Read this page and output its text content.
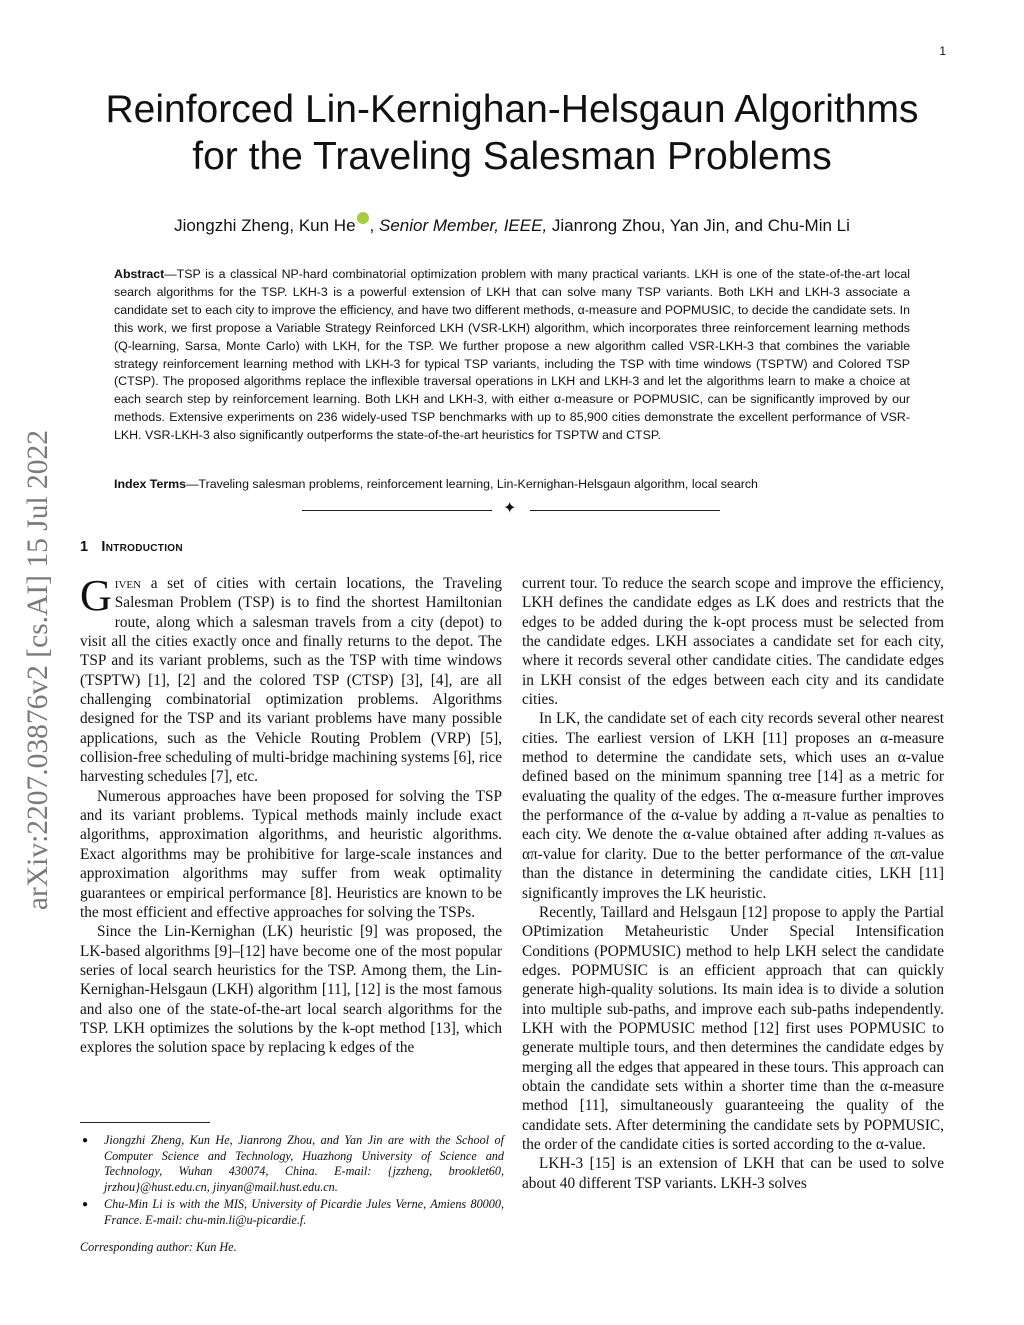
1
Reinforced Lin-Kernighan-Helsgaun Algorithms
for the Traveling Salesman Problems
Jiongzhi Zheng, Kun He , Senior Member, IEEE, Jianrong Zhou, Yan Jin, and Chu-Min Li
Abstract—TSP is a classical NP-hard combinatorial optimization problem with many practical variants. LKH is one of the state-of-the-art local search algorithms for the TSP. LKH-3 is a powerful extension of LKH that can solve many TSP variants. Both LKH and LKH-3 associate a candidate set to each city to improve the efficiency, and have two different methods, α-measure and POPMUSIC, to decide the candidate sets. In this work, we first propose a Variable Strategy Reinforced LKH (VSR-LKH) algorithm, which incorporates three reinforcement learning methods (Q-learning, Sarsa, Monte Carlo) with LKH, for the TSP. We further propose a new algorithm called VSR-LKH-3 that combines the variable strategy reinforcement learning method with LKH-3 for typical TSP variants, including the TSP with time windows (TSPTW) and Colored TSP (CTSP). The proposed algorithms replace the inflexible traversal operations in LKH and LKH-3 and let the algorithms learn to make a choice at each search step by reinforcement learning. Both LKH and LKH-3, with either α-measure or POPMUSIC, can be significantly improved by our methods. Extensive experiments on 236 widely-used TSP benchmarks with up to 85,900 cities demonstrate the excellent performance of VSR-LKH. VSR-LKH-3 also significantly outperforms the state-of-the-art heuristics for TSPTW and CTSP.
Index Terms—Traveling salesman problems, reinforcement learning, Lin-Kernighan-Helsgaun algorithm, local search
✦
arXiv:2207.03876v2 [cs.AI] 15 Jul 2022	1 Introduction

Given a set of cities with certain locations, the Traveling Salesman Problem (TSP) is to find the shortest Hamiltonian route, along which a salesman travels from a city (depot) to visit all the cities exactly once and finally returns to the depot. The TSP and its variant problems, such as the TSP with time windows (TSPTW) [1], [2] and the colored TSP (CTSP) [3], [4], are all challenging combinatorial optimization problems. Algorithms designed for the TSP and its variant problems have many possible applications, such as the Vehicle Routing Problem (VRP) [5], collision-free scheduling of multi-bridge machining systems [6], rice harvesting schedules [7], etc.

Numerous approaches have been proposed for solving the TSP and its variant problems. Typical methods mainly include exact algorithms, approximation algorithms, and heuristic algorithms. Exact algorithms may be prohibitive for large-scale instances and approximation algorithms may suffer from weak optimality guarantees or empirical performance [8]. Heuristics are known to be the most efficient and effective approaches for solving the TSPs.

Since the Lin-Kernighan (LK) heuristic [9] was proposed, the LK-based algorithms [9]–[12] have become one of the most popular series of local search heuristics for the TSP. Among them, the Lin-Kernighan-Helsgaun (LKH) algorithm [11], [12] is the most famous and also one of the state-of-the-art local search algorithms for the TSP. LKH optimizes the solutions by the k-opt method [13], which explores the solution space by replacing k edges of the

current tour. To reduce the search scope and improve the efficiency, LKH defines the candidate edges as LK does and restricts that the edges to be added during the k-opt process must be selected from the candidate edges. LKH associates a candidate set for each city, where it records several other candidate cities. The candidate edges in LKH consist of the edges between each city and its candidate cities.

In LK, the candidate set of each city records several other nearest cities. The earliest version of LKH [11] proposes an α-measure method to determine the candidate sets, which uses an α-value defined based on the minimum spanning tree [14] as a metric for evaluating the quality of the edges. The α-measure further improves the performance of the α-value by adding a π-value as penalties to each city. We denote the α-value obtained after adding π-values as απ-value for clarity. Due to the better performance of the απ-value than the distance in determining the candidate cities, LKH [11] significantly improves the LK heuristic.

Recently, Taillard and Helsgaun [12] propose to apply the Partial OPtimization Metaheuristic Under Special Intensification Conditions (POPMUSIC) method to help LKH select the candidate edges. POPMUSIC is an efficient approach that can quickly generate high-quality solutions. Its main idea is to divide a solution into multiple sub-paths, and improve each sub-paths independently. LKH with the POPMUSIC method [12] first uses POPMUSIC to generate multiple tours, and then determines the candidate edges by merging all the edges that appeared in these tours. This approach can obtain the candidate sets within a shorter time than the α-measure method [11], simultaneously guaranteeing the quality of the candidate sets. After determining the candidate sets by POPMUSIC, the order of the candidate cities is sorted according to the α-value.

LKH-3 [15] is an extension of LKH that can be used to solve about 40 different TSP variants. LKH-3 solves

●	Jiongzhi Zheng, Kun He, Jianrong Zhou, and Yan Jin are with the School of Computer Science and Technology, Huazhong University of Science and Technology, Wuhan 430074, China. E-mail: {jzzheng, brooklet60, jrzhou}@hust.edu.cn, jinyan@mail.hust.edu.cn.
●	Chu-Min Li is with the MIS, University of Picardie Jules Verne, Amiens 80000, France. E-mail: chu-min.li@u-picardie.f.
Corresponding author: Kun He.
